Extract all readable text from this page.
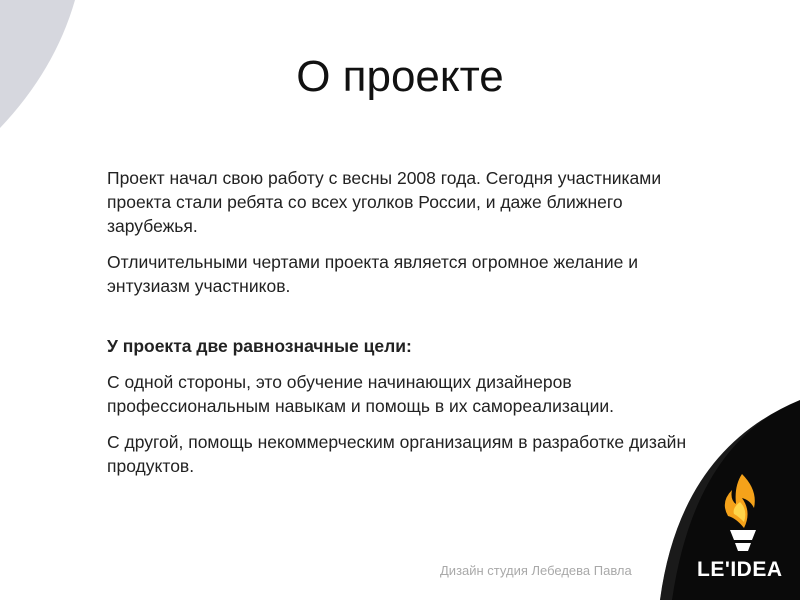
О проекте

Проект начал свою работу с весны 2008 года. Сегодня участниками проекта стали ребята со всех уголков России, и даже ближнего зарубежья.

Отличительными чертами проекта является огромное желание и энтузиазм участников.

У проекта две равнозначные цели:

С одной стороны, это обучение начинающих дизайнеров профессиональным навыкам и помощь в их самореализации.

С другой, помощь некоммерческим организациям в разработке дизайн продуктов.

Дизайн студия Лебедева Павла	LE'IDEA
